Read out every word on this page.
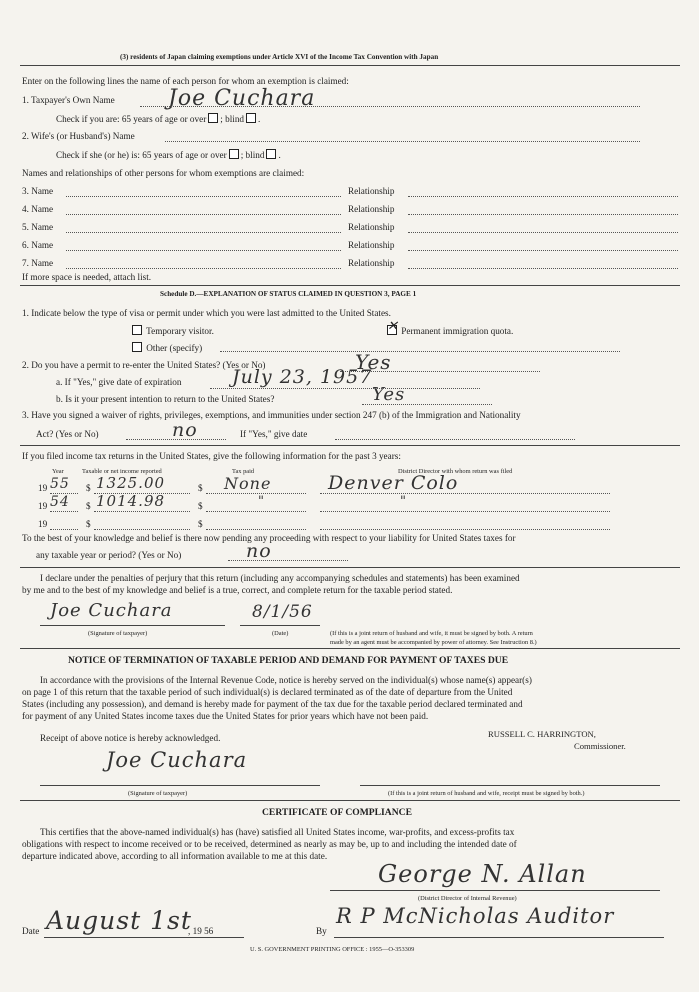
(3) residents of Japan claiming exemptions under Article XVI of the Income Tax Convention with Japan
Enter on the following lines the name of each person for whom an exemption is claimed:
1. Taxpayer's Own Name Joe Cuchara
Check if you are: 65 years of age or over ; blind .
2. Wife's (or Husband's) Name
Check if she (or he) is: 65 years of age or over ; blind .
Names and relationships of other persons for whom exemptions are claimed:
3. Name	Relationship
4. Name	Relationship
5. Name	Relationship
6. Name	Relationship
7. Name	Relationship
If more space is needed, attach list.
Schedule D.—EXPLANATION OF STATUS CLAIMED IN QUESTION 3, PAGE 1
1. Indicate below the type of visa or permit under which you were last admitted to the United States.
Temporary visitor.	✕ Permanent immigration quota.
Other (specify)
2. Do you have a permit to re-enter the United States? (Yes or No)	Yes
a. If "Yes," give date of expiration	July 23, 1957
b. Is it your present intention to return to the United States?	Yes
3. Have you signed a waiver of rights, privileges, exemptions, and immunities under section 247 (b) of the Immigration and Nationality
Act? (Yes or No)	no	If "Yes," give date
If you filed income tax returns in the United States, give the following information for the past 3 years:
Year	Taxable or net income reported	Tax paid	District Director with whom return was filed
19 55 $ 1325.00	$ None	Denver Colo
19 54 $ 1014.98	$	"	"
19	$	$
To the best of your knowledge and belief is there now pending any proceeding with respect to your liability for United States taxes for
any taxable year or period? (Yes or No)	no
I declare under the penalties of perjury that this return (including any accompanying schedules and statements) has been examined
by me and to the best of my knowledge and belief is a true, correct, and complete return for the taxable period stated.
Joe Cuchara	8/1/56
(Signature of taxpayer)	(Date)	(If this is a joint return of husband and wife, it must be signed by both. A return
made by an agent must be accompanied by power of attorney. See Instruction 8.)
NOTICE OF TERMINATION OF TAXABLE PERIOD AND DEMAND FOR PAYMENT OF TAXES DUE
In accordance with the provisions of the Internal Revenue Code, notice is hereby served on the individual(s) whose name(s) appear(s)
on page 1 of this return that the taxable period of such individual(s) is declared terminated as of the date of departure from the United
States (including any possession), and demand is hereby made for payment of the tax due for the taxable period declared terminated and
for payment of any United States income taxes due the United States for prior years which have not been paid.
Receipt of above notice is hereby acknowledged.	RUSSELL C. HARRINGTON,
Commissioner.
Joe Cuchara
(Signature of taxpayer)	(If this is a joint return of husband and wife, receipt must be signed by both.)
CERTIFICATE OF COMPLIANCE
This certifies that the above-named individual(s) has (have) satisfied all United States income, war-profits, and excess-profits tax
obligations with respect to income received or to be received, determined as nearly as may be, up to and including the intended date of
departure indicated above, according to all information available to me at this date.
George N. Allan
(District Director of Internal Revenue)
Date August 1st
, 19 56	By
R P McNicholas Auditor
U. S. GOVERNMENT PRINTING OFFICE : 1955—O-353309
